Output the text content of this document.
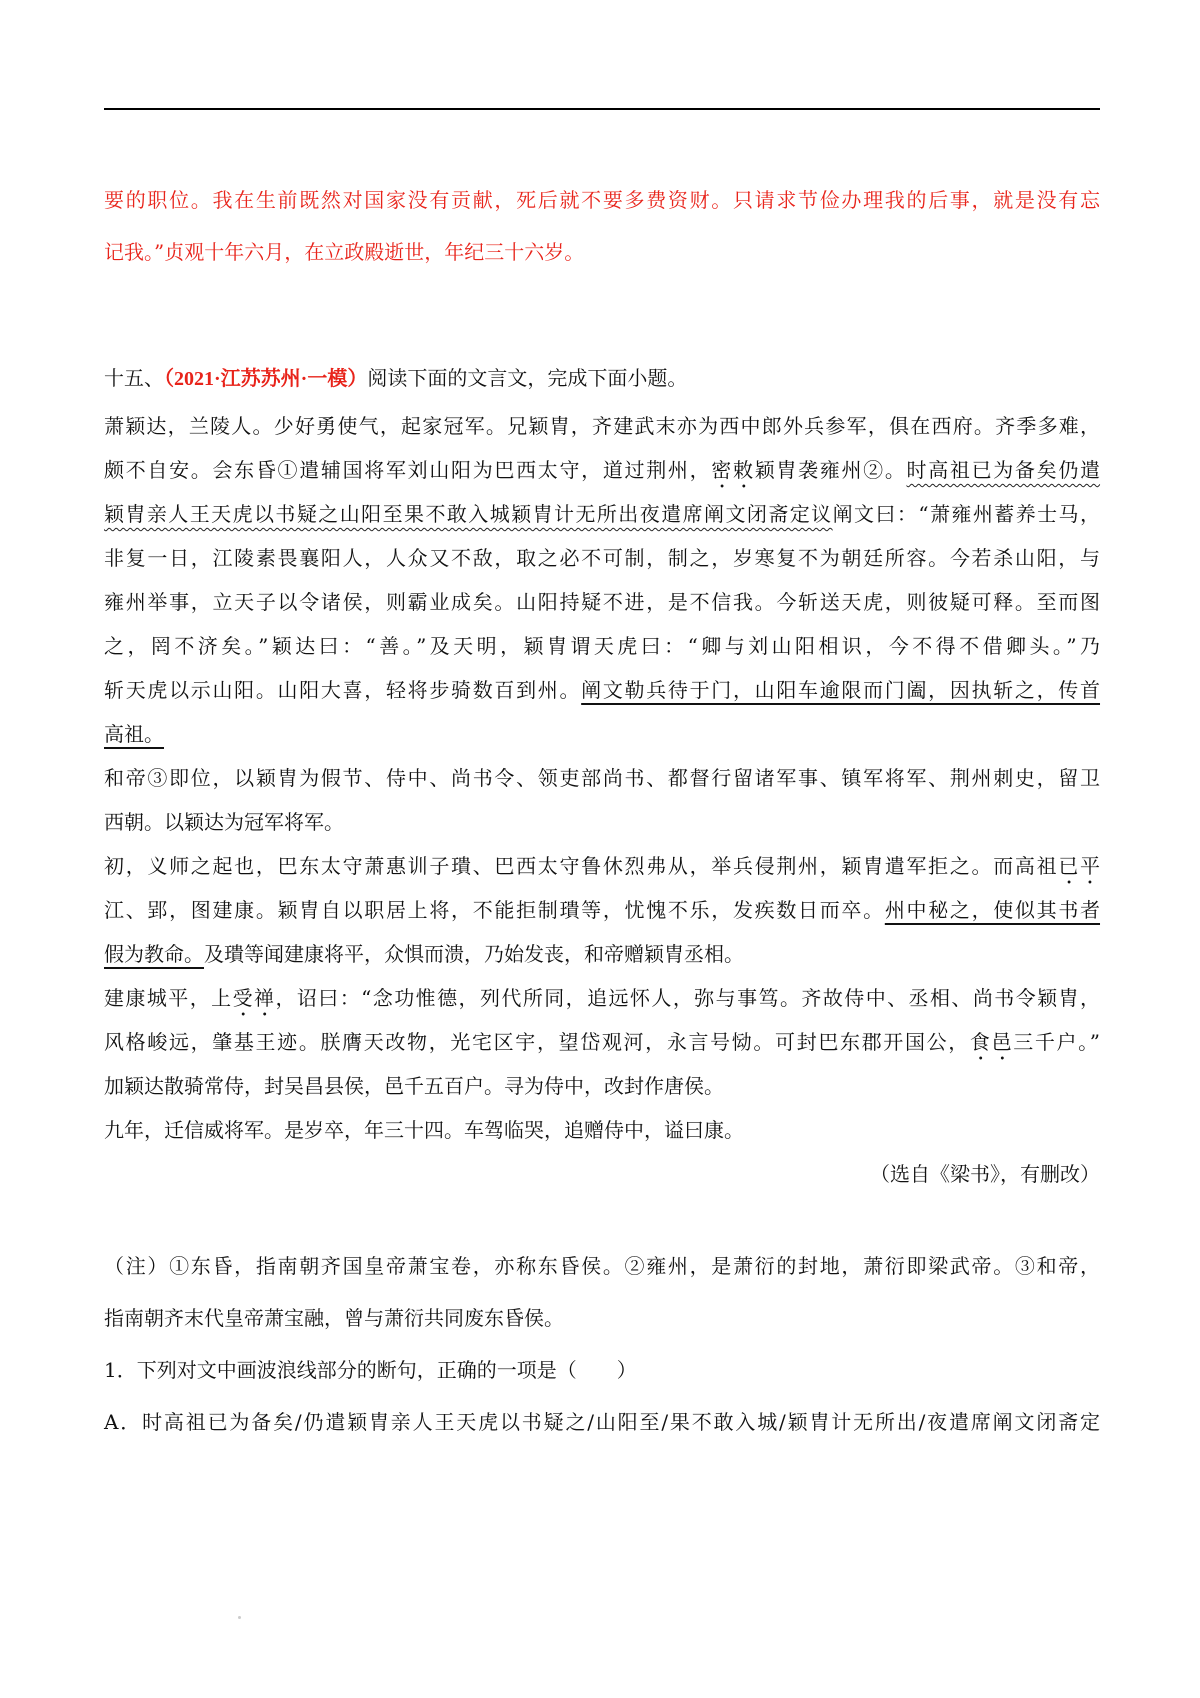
要的职位。我在生前既然对国家没有贡献，死后就不要多费资财。只请求节俭办理我的后事，就是没有忘
记我。”贞观十年六月，在立政殿逝世，年纪三十六岁。
十五、（2021·江苏苏州·一模）阅读下面的文言文，完成下面小题。
萧颖达，兰陵人。少好勇使气，起家冠军。兄颖胄，齐建武末亦为西中郎外兵参军，俱在西府。齐季多难，
颇不自安。会东昏①遣辅国将军刘山阳为巴西太守，道过荆州，密敕颖胄袭雍州②。时高祖已为备矣仍遣
颖胄亲人王天虎以书疑之山阳至果不敢入城颖胄计无所出夜遣席阐文闭斋定议阐文曰：“萧雍州蓄养士马，
非复一日，江陵素畏襄阳人，人众又不敌，取之必不可制，制之，岁寒复不为朝廷所容。今若杀山阳，与
雍州举事，立天子以令诸侯，则霸业成矣。山阳持疑不进，是不信我。今斩送天虎，则彼疑可释。至而图
之，罔不济矣。”颖达曰：“善。”及天明，颖胄谓天虎曰：“卿与刘山阳相识，今不得不借卿头。”乃
斩天虎以示山阳。山阳大喜，轻将步骑数百到州。阐文勒兵待于门，山阳车逾限而门阖，因执斩之，传首
高祖。
和帝③即位，以颖胄为假节、侍中、尚书令、领吏部尚书、都督行留诸军事、镇军将军、荆州刺史，留卫
西朝。以颖达为冠军将军。
初，义师之起也，巴东太守萧惠训子璝、巴西太守鲁休烈弗从，举兵侵荆州，颖胄遣军拒之。而高祖已平
江、郢，图建康。颖胄自以职居上将，不能拒制璝等，忧愧不乐，发疾数日而卒。州中秘之，使似其书者
假为教命。及璝等闻建康将平，众惧而溃，乃始发丧，和帝赠颖胄丞相。
建康城平，上受禅，诏曰：“念功惟德，列代所同，追远怀人，弥与事笃。齐故侍中、丞相、尚书令颖胄，
风格峻远，肇基王迹。朕膺天改物，光宅区宇，望岱观河，永言号恸。可封巴东郡开国公，食邑三千户。”
加颖达散骑常侍，封吴昌县侯，邑千五百户。寻为侍中，改封作唐侯。
九年，迁信威将军。是岁卒，年三十四。车驾临哭，追赠侍中，谥曰康。
（选自《梁书》，有删改）
（注）①东昏，指南朝齐国皇帝萧宝卷，亦称东昏侯。②雍州，是萧衍的封地，萧衍即梁武帝。③和帝，
指南朝齐末代皇帝萧宝融，曾与萧衍共同废东昏侯。
1．下列对文中画波浪线部分的断句，正确的一项是（　　）
A．时高祖已为备矣/仍遣颖胄亲人王天虎以书疑之/山阳至/果不敢入城/颖胄计无所出/夜遣席阐文闭斋定
